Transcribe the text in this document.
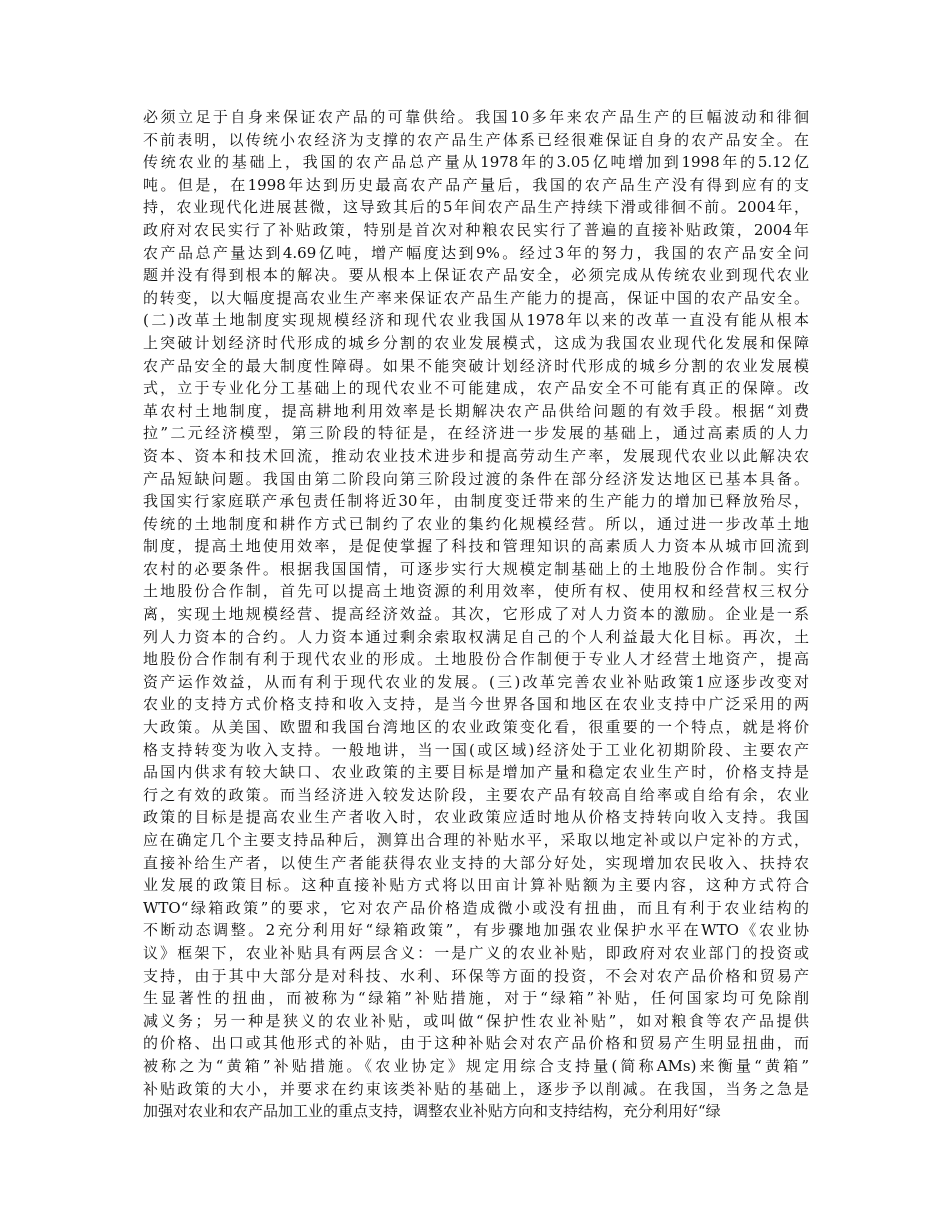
必须立足于自身来保证农产品的可靠供给。我国10多年来农产品生产的巨幅波动和徘徊
不前表明，以传统小农经济为支撑的农产品生产体系已经很难保证自身的农产品安全。在
传统农业的基础上，我国的农产品总产量从1978年的3.05亿吨增加到1998年的5.12亿
吨。但是，在1998年达到历史最高农产品产量后，我国的农产品生产没有得到应有的支
持，农业现代化进展甚微，这导致其后的5年间农产品生产持续下滑或徘徊不前。2004年，
政府对农民实行了补贴政策，特别是首次对种粮农民实行了普遍的直接补贴政策，2004年
农产品总产量达到4.69亿吨，增产幅度达到9%。经过3年的努力，我国的农产品安全问
题并没有得到根本的解决。要从根本上保证农产品安全，必须完成从传统农业到现代农业
的转变，以大幅度提高农业生产率来保证农产品生产能力的提高，保证中国的农产品安全。
(二)改革土地制度实现规模经济和现代农业我国从1978年以来的改革一直没有能从根本
上突破计划经济时代形成的城乡分割的农业发展模式，这成为我国农业现代化发展和保障
农产品安全的最大制度性障碍。如果不能突破计划经济时代形成的城乡分割的农业发展模
式，立于专业化分工基础上的现代农业不可能建成，农产品安全不可能有真正的保障。改
革农村土地制度，提高耕地利用效率是长期解决农产品供给问题的有效手段。根据“刘费
拉”二元经济模型，第三阶段的特征是，在经济进一步发展的基础上，通过高素质的人力
资本、资本和技术回流，推动农业技术进步和提高劳动生产率，发展现代农业以此解决农
产品短缺问题。我国由第二阶段向第三阶段过渡的条件在部分经济发达地区已基本具备。
我国实行家庭联产承包责任制将近30年，由制度变迁带来的生产能力的增加已释放殆尽，
传统的土地制度和耕作方式已制约了农业的集约化规模经营。所以，通过进一步改革土地
制度，提高土地使用效率，是促使掌握了科技和管理知识的高素质人力资本从城市回流到
农村的必要条件。根据我国国情，可逐步实行大规模定制基础上的土地股份合作制。实行
土地股份合作制，首先可以提高土地资源的利用效率，使所有权、使用权和经营权三权分
离，实现土地规模经营、提高经济效益。其次，它形成了对人力资本的激励。企业是一系
列人力资本的合约。人力资本通过剩余索取权满足自己的个人利益最大化目标。再次，土
地股份合作制有利于现代农业的形成。土地股份合作制便于专业人才经营土地资产，提高
资产运作效益，从而有利于现代农业的发展。(三)改革完善农业补贴政策1应逐步改变对
农业的支持方式价格支持和收入支持，是当今世界各国和地区在农业支持中广泛采用的两
大政策。从美国、欧盟和我国台湾地区的农业政策变化看，很重要的一个特点，就是将价
格支持转变为收入支持。一般地讲，当一国(或区域)经济处于工业化初期阶段、主要农产
品国内供求有较大缺口、农业政策的主要目标是增加产量和稳定农业生产时，价格支持是
行之有效的政策。而当经济进入较发达阶段，主要农产品有较高自给率或自给有余，农业
政策的目标是提高农业生产者收入时，农业政策应适时地从价格支持转向收入支持。我国
应在确定几个主要支持品种后，测算出合理的补贴水平，采取以地定补或以户定补的方式，
直接补给生产者，以使生产者能获得农业支持的大部分好处，实现增加农民收入、扶持农
业发展的政策目标。这种直接补贴方式将以田亩计算补贴额为主要内容，这种方式符合
WTO“绿箱政策”的要求，它对农产品价格造成微小或没有扭曲，而且有利于农业结构的
不断动态调整。2充分利用好“绿箱政策”，有步骤地加强农业保护水平在WTO《农业协
议》框架下，农业补贴具有两层含义：一是广义的农业补贴，即政府对农业部门的投资或
支持，由于其中大部分是对科技、水利、环保等方面的投资，不会对农产品价格和贸易产
生显著性的扭曲，而被称为“绿箱”补贴措施，对于“绿箱”补贴，任何国家均可免除削
减义务；另一种是狭义的农业补贴，或叫做“保护性农业补贴”，如对粮食等农产品提供
的价格、出口或其他形式的补贴，由于这种补贴会对农产品价格和贸易产生明显扭曲，而
被称之为“黄箱”补贴措施。《农业协定》规定用综合支持量(简称AMs)来衡量“黄箱”
补贴政策的大小，并要求在约束该类补贴的基础上，逐步予以削减。在我国，当务之急是
加强对农业和农产品加工业的重点支持，调整农业补贴方向和支持结构，充分利用好“绿
